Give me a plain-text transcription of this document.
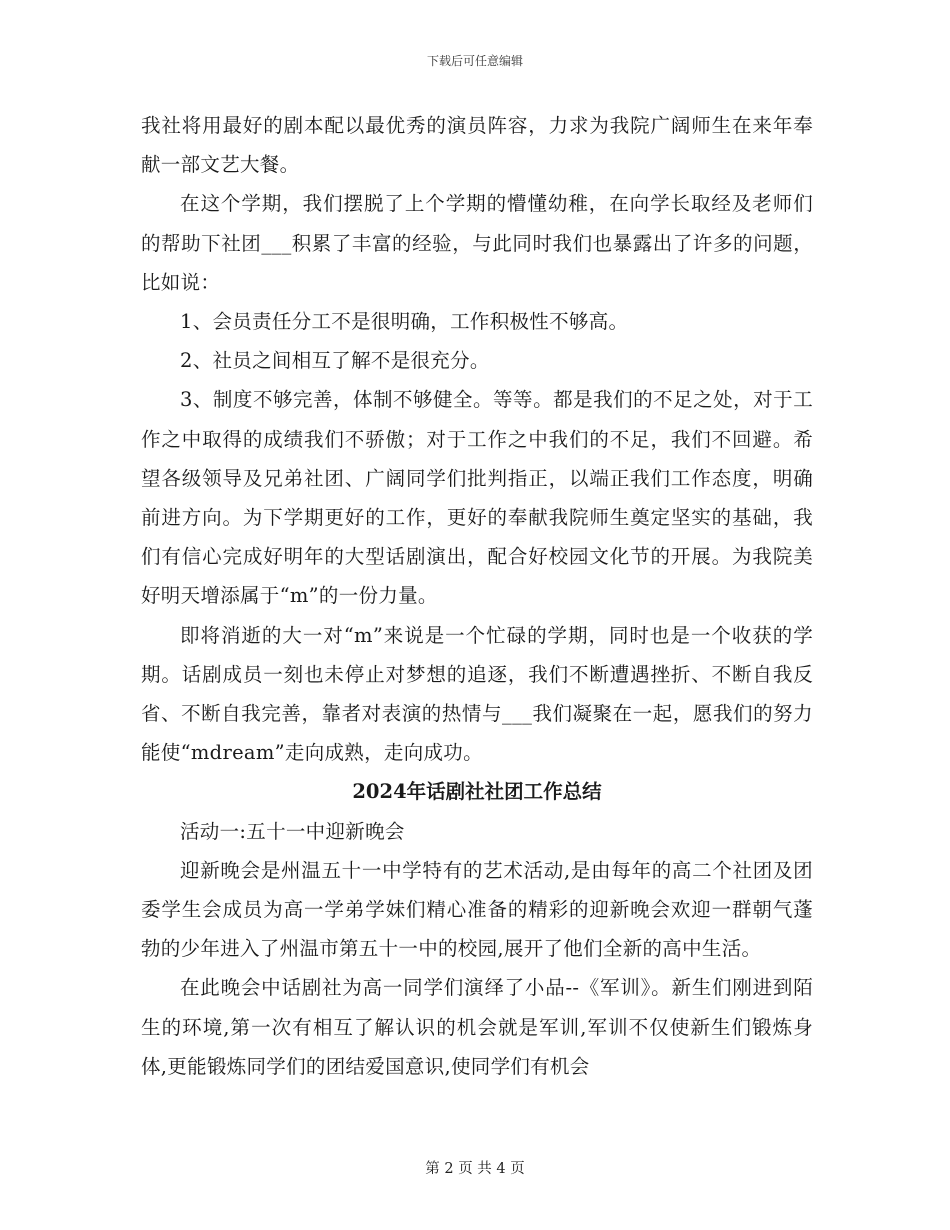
下载后可任意编辑

我社将用最好的剧本配以最优秀的演员阵容，力求为我院广阔师生在来年奉献一部文艺大餐。

在这个学期，我们摆脱了上个学期的懵懂幼稚，在向学长取经及老师们的帮助下社团___积累了丰富的经验，与此同时我们也暴露出了许多的问题，比如说：

1、会员责任分工不是很明确，工作积极性不够高。

2、社员之间相互了解不是很充分。

3、制度不够完善，体制不够健全。等等。都是我们的不足之处，对于工作之中取得的成绩我们不骄傲；对于工作之中我们的不足，我们不回避。希望各级领导及兄弟社团、广阔同学们批判指正，以端正我们工作态度，明确前进方向。为下学期更好的工作，更好的奉献我院师生奠定坚实的基础，我们有信心完成好明年的大型话剧演出，配合好校园文化节的开展。为我院美好明天增添属于“m”的一份力量。

即将消逝的大一对“m”来说是一个忙碌的学期，同时也是一个收获的学期。话剧成员一刻也未停止对梦想的追逐，我们不断遭遇挫折、不断自我反省、不断自我完善，靠者对表演的热情与___我们凝聚在一起，愿我们的努力能使“mdream”走向成熟，走向成功。

2024年话剧社社团工作总结

活动一:五十一中迎新晚会

迎新晚会是州温五十一中学特有的艺术活动,是由每年的高二个社团及团委学生会成员为高一学弟学妹们精心准备的精彩的迎新晚会欢迎一群朝气蓬勃的少年进入了州温市第五十一中的校园,展开了他们全新的高中生活。

在此晚会中话剧社为高一同学们演绎了小品--《军训》。新生们刚进到陌生的环境,第一次有相互了解认识的机会就是军训,军训不仅使新生们锻炼身体,更能锻炼同学们的团结爱国意识,使同学们有机会

第 2 页 共 4 页
